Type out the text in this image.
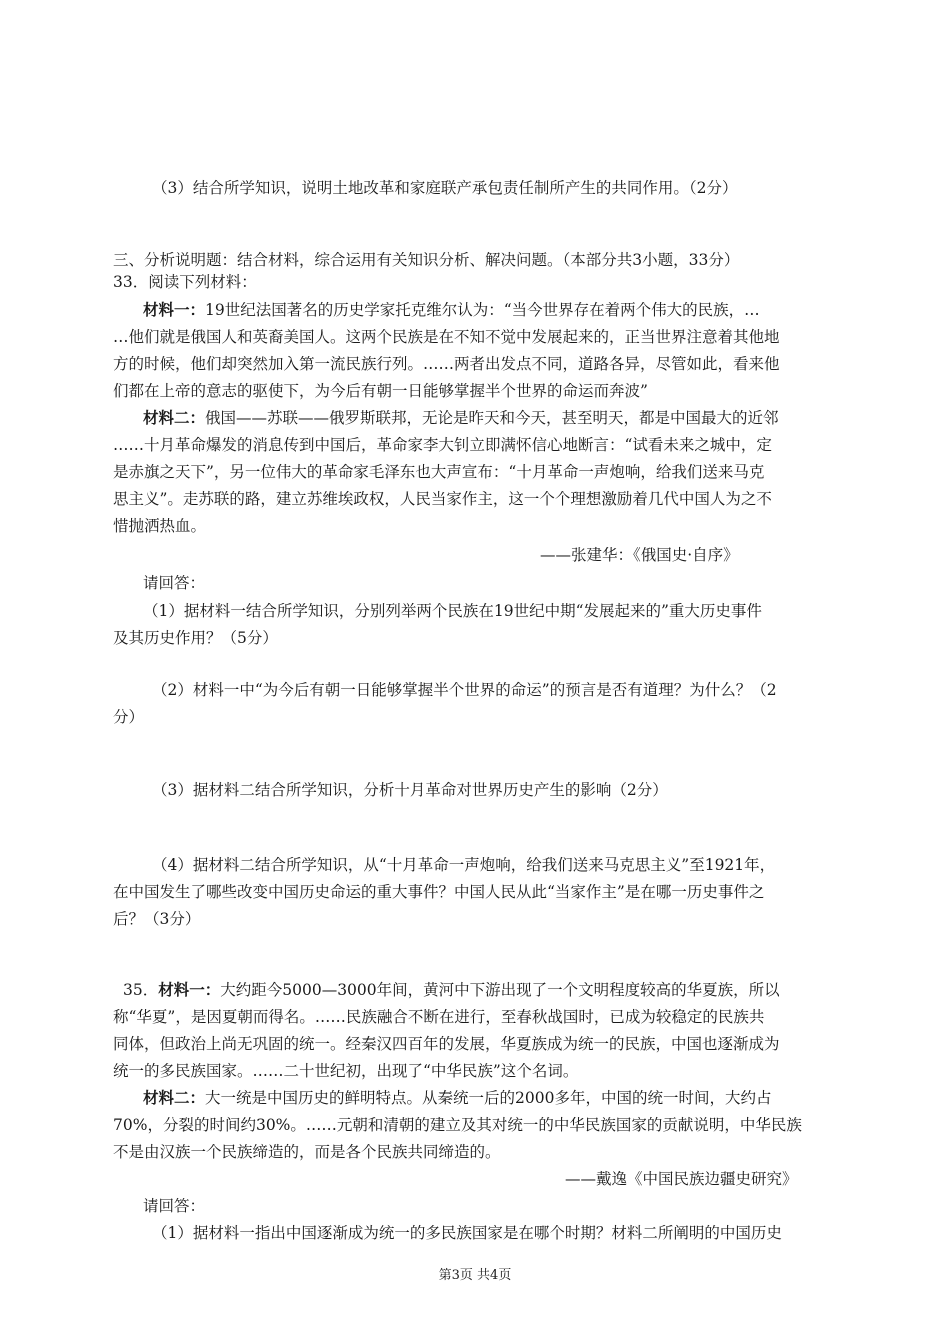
（3）结合所学知识，说明土地改革和家庭联产承包责任制所产生的共同作用。（2分）
三、分析说明题：结合材料，综合运用有关知识分析、解决问题。（本部分共3小题，33分）
33．阅读下列材料：
材料一：19世纪法国著名的历史学家托克维尔认为：“当今世界存在着两个伟大的民族，…
…他们就是俄国人和英裔美国人。这两个民族是在不知不觉中发展起来的，正当世界注意着其他地
方的时候，他们却突然加入第一流民族行列。……两者出发点不同，道路各异，尽管如此，看来他
们都在上帝的意志的驱使下，为今后有朝一日能够掌握半个世界的命运而奔波”
材料二：俄国——苏联——俄罗斯联邦，无论是昨天和今天，甚至明天，都是中国最大的近邻
……十月革命爆发的消息传到中国后，革命家李大钊立即满怀信心地断言：“试看未来之城中，定
是赤旗之天下”，另一位伟大的革命家毛泽东也大声宣布：“十月革命一声炮响，给我们送来马克
思主义”。走苏联的路，建立苏维埃政权，人民当家作主，这一个个理想激励着几代中国人为之不
惜抛洒热血。
——张建华：《俄国史·自序》
请回答：
（1）据材料一结合所学知识，分别列举两个民族在19世纪中期“发展起来的”重大历史事件
及其历史作用？（5分）
（2）材料一中“为今后有朝一日能够掌握半个世界的命运”的预言是否有道理？为什么？（2
分）
（3）据材料二结合所学知识，分析十月革命对世界历史产生的影响（2分）
（4）据材料二结合所学知识，从“十月革命一声炮响，给我们送来马克思主义”至1921年，
在中国发生了哪些改变中国历史命运的重大事件？中国人民从此“当家作主”是在哪一历史事件之
后？（3分）
35．材料一：大约距今5000—3000年间，黄河中下游出现了一个文明程度较高的华夏族，所以
称“华夏”，是因夏朝而得名。……民族融合不断在进行，至春秋战国时，已成为较稳定的民族共
同体，但政治上尚无巩固的统一。经秦汉四百年的发展，华夏族成为统一的民族，中国也逐渐成为
统一的多民族国家。……二十世纪初，出现了“中华民族”这个名词。
材料二：大一统是中国历史的鲜明特点。从秦统一后的2000多年，中国的统一时间，大约占
70%，分裂的时间约30%。……元朝和清朝的建立及其对统一的中华民族国家的贡献说明，中华民族
不是由汉族一个民族缔造的，而是各个民族共同缔造的。
——戴逸《中国民族边疆史研究》
请回答：
（1）据材料一指出中国逐渐成为统一的多民族国家是在哪个时期？材料二所阐明的中国历史
第3页 共4页
